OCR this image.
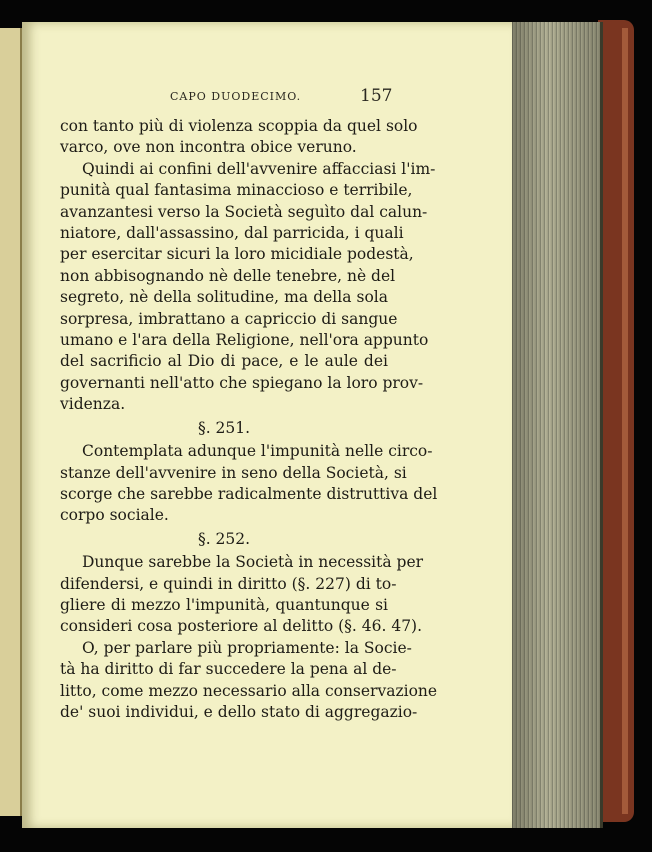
CAPO DUODECIMO.	157
con tanto più di violenza scoppia da quel solo
varco, ove non incontra obice veruno.
Quindi ai confini dell'avvenire affacciasi l'im-
punità qual fantasima minaccioso e terribile,
avanzantesi verso la Società seguìto dal calun-
niatore, dall'assassino, dal parricida, i quali
per esercitar sicuri la loro micidiale podestà,
non abbisognando nè delle tenebre, nè del
segreto, nè della solitudine, ma della sola
sorpresa, imbrattano a capriccio di sangue
umano e l'ara della Religione, nell'ora appunto
del sacrificio al Dio di pace, e le aule dei
governanti nell'atto che spiegano la loro prov-
videnza.
§. 251.
Contemplata adunque l'impunità nelle circo-
stanze dell'avvenire in seno della Società, si
scorge che sarebbe radicalmente distruttiva del
corpo sociale.
§. 252.
Dunque sarebbe la Società in necessità per
difendersi, e quindi in diritto (§. 227) di to-
gliere di mezzo l'impunità, quantunque si
consideri cosa posteriore al delitto (§. 46. 47).
O, per parlare più propriamente: la Socie-
tà ha diritto di far succedere la pena al de-
litto, come mezzo necessario alla conservazione
de' suoi individui, e dello stato di aggregazio-
